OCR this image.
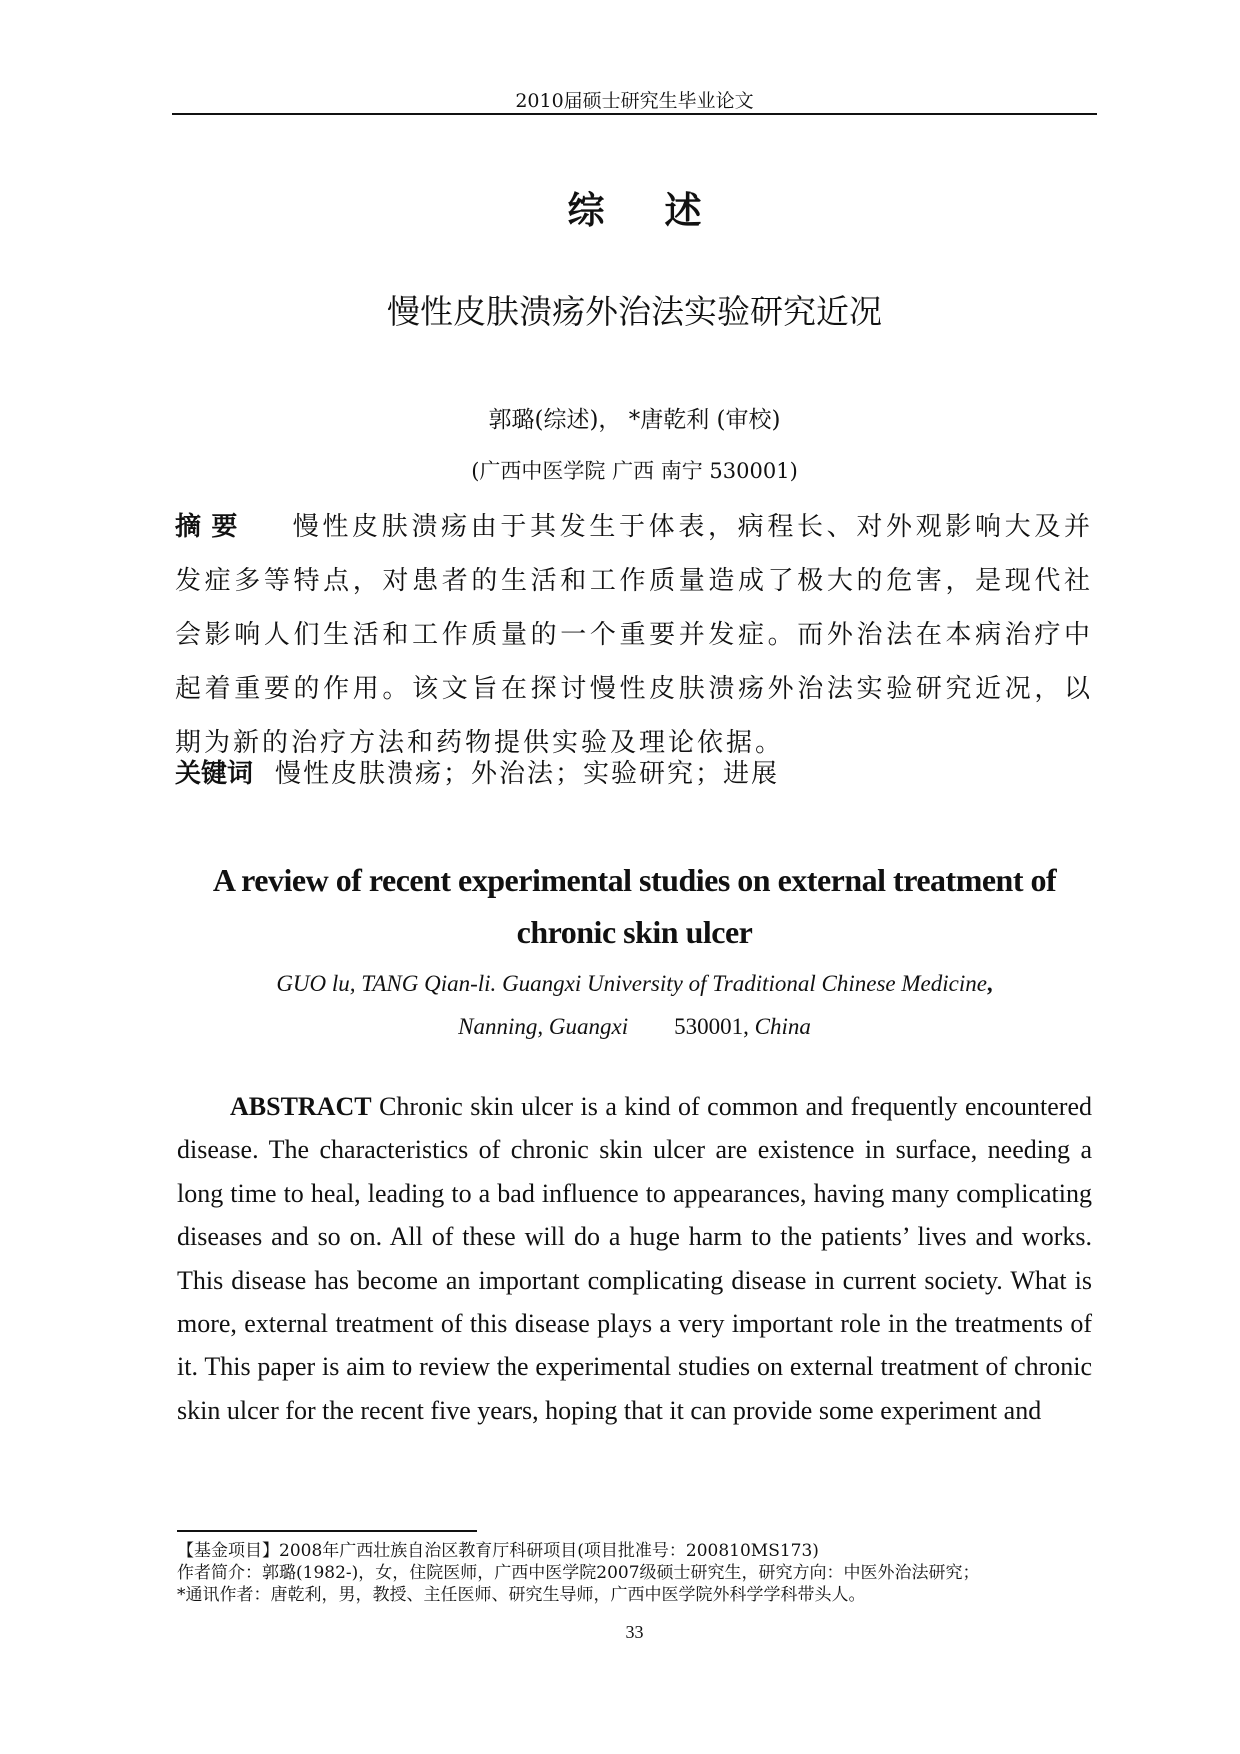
2010届硕士研究生毕业论文
综述
慢性皮肤溃疡外治法实验研究近况
郭璐(综述)， *唐乾利 (审校)
(广西中医学院 广西 南宁 530001)
摘 要 慢性皮肤溃疡由于其发生于体表，病程长、对外观影响大及并发症多等特点，对患者的生活和工作质量造成了极大的危害，是现代社会影响人们生活和工作质量的一个重要并发症。而外治法在本病治疗中起着重要的作用。该文旨在探讨慢性皮肤溃疡外治法实验研究近况，以期为新的治疗方法和药物提供实验及理论依据。
关键词 慢性皮肤溃疡；外治法；实验研究；进展
A review of recent experimental studies on external treatment of chronic skin ulcer
GUO lu, TANG Qian-li. Guangxi University of Traditional Chinese Medicine,
Nanning, Guangxi 530001, China
ABSTRACT Chronic skin ulcer is a kind of common and frequently encountered disease. The characteristics of chronic skin ulcer are existence in surface, needing a long time to heal, leading to a bad influence to appearances, having many complicating diseases and so on. All of these will do a huge harm to the patients’ lives and works. This disease has become an important complicating disease in current society. What is more, external treatment of this disease plays a very important role in the treatments of it. This paper is aim to review the experimental studies on external treatment of chronic skin ulcer for the recent five years, hoping that it can provide some experiment and
【基金项目】2008年广西壮族自治区教育厅科研项目(项目批准号：200810MS173)
作者简介：郭璐(1982-)，女，住院医师，广西中医学院2007级硕士研究生，研究方向：中医外治法研究；
*通讯作者：唐乾利，男，教授、主任医师、研究生导师，广西中医学院外科学学科带头人。
33
